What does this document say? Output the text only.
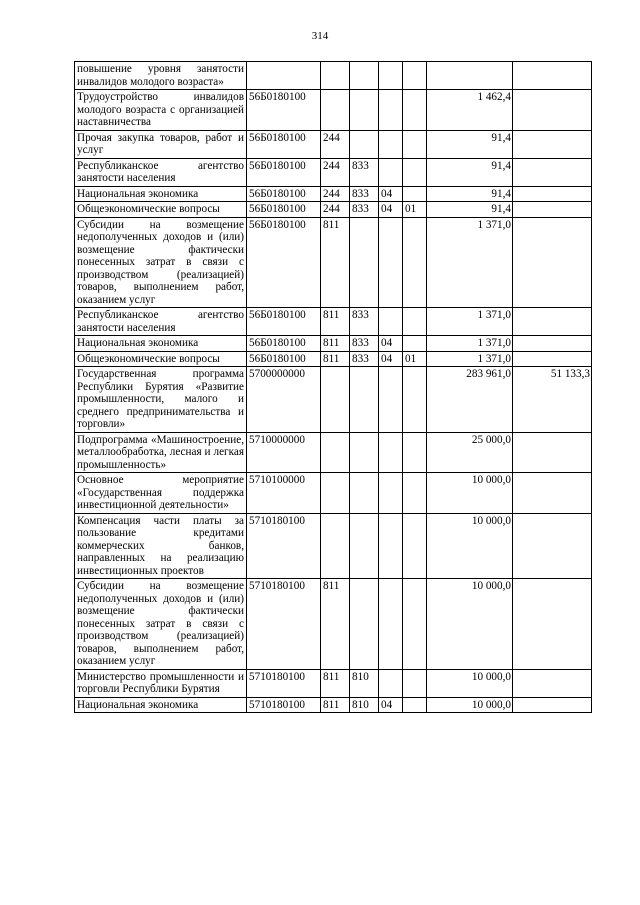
314
повышение уровня занятости инвалидов молодого возраста»							
Трудоустройство инвалидов молодого возраста с организацией наставничества	56Б0180100					1 462,4	
Прочая закупка товаров, работ и услуг	56Б0180100	244				91,4	
Республиканское агентство занятости населения	56Б0180100	244	833			91,4	
Национальная экономика	56Б0180100	244	833	04		91,4	
Общеэкономические вопросы	56Б0180100	244	833	04	01	91,4	
Субсидии на возмещение недополученных доходов и (или) возмещение фактически понесенных затрат в связи с производством (реализацией) товаров, выполнением работ, оказанием услуг	56Б0180100	811				1 371,0	
Республиканское агентство занятости населения	56Б0180100	811	833			1 371,0	
Национальная экономика	56Б0180100	811	833	04		1 371,0	
Общеэкономические вопросы	56Б0180100	811	833	04	01	1 371,0	
Государственная программа Республики Бурятия «Развитие промышленности, малого и среднего предпринимательства и торговли»	5700000000					283 961,0	51 133,3
Подпрограмма «Машиностроение, металлообработка, лесная и легкая промышленность»	5710000000					25 000,0	
Основное мероприятие «Государственная поддержка инвестиционной деятельности»	5710100000					10 000,0	
Компенсация части платы за пользование кредитами коммерческих банков, направленных на реализацию инвестиционных проектов	5710180100					10 000,0	
Субсидии на возмещение недополученных доходов и (или) возмещение фактически понесенных затрат в связи с производством (реализацией) товаров, выполнением работ, оказанием услуг	5710180100	811				10 000,0	
Министерство промышленности и торговли Республики Бурятия	5710180100	811	810			10 000,0	
Национальная экономика	5710180100	811	810	04		10 000,0	
